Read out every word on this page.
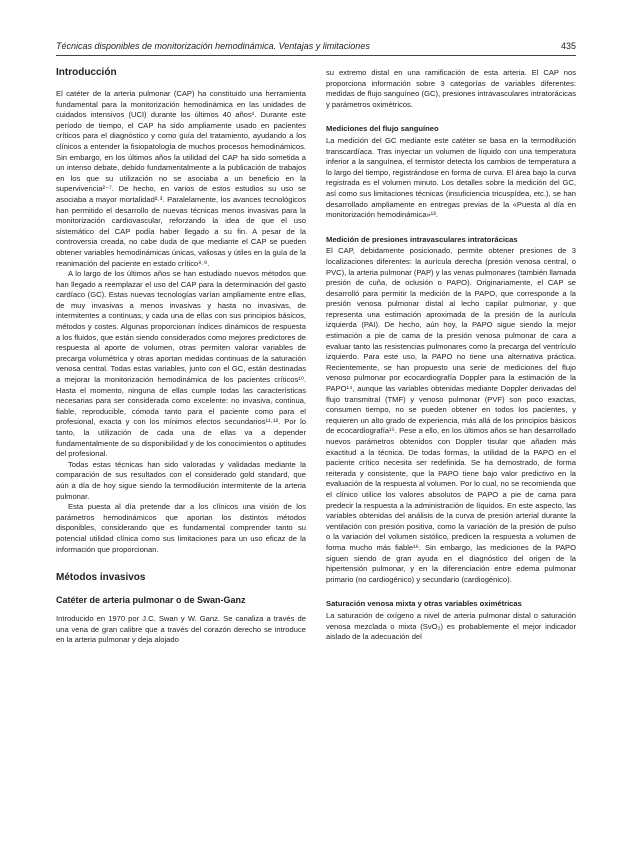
Técnicas disponibles de monitorización hemodinámica. Ventajas y limitaciones	435
Introducción

El catéter de la arteria pulmonar (CAP) ha constituido una herramienta fundamental para la monitorización hemodinámica en las unidades de cuidados intensivos (UCI) durante los últimos 40 años¹. Durante este período de tiempo, el CAP ha sido ampliamente usado en pacientes críticos para el diagnóstico y como guía del tratamiento, ayudando a los clínicos a entender la fisiopatología de muchos procesos hemodinámicos. Sin embargo, en los últimos años la utilidad del CAP ha sido sometida a un intenso debate, debido fundamentalmente a la publicación de trabajos en los que su utilización no se asociaba a un beneficio en la supervivencia²⁻⁷. De hecho, en varios de estos estudios su uso se asociaba a mayor mortalidad²·³. Paralelamente, los avances tecnológicos han permitido el desarrollo de nuevas técnicas menos invasivas para la monitorización cardiovascular, reforzando la idea de que el uso sistemático del CAP podía haber llegado a su fin. A pesar de la controversia creada, no cabe duda de que mediante el CAP se pueden obtener variables hemodinámicas únicas, valiosas y útiles en la guía de la reanimación del paciente en estado crítico⁸·⁹.

A lo largo de los últimos años se han estudiado nuevos métodos que han llegado a reemplazar el uso del CAP para la determinación del gasto cardíaco (GC). Estas nuevas tecnologías varían ampliamente entre ellas, de muy invasivas a menos invasivas y hasta no invasivas, de intermitentes a continuas, y cada una de ellas con sus principios básicos, métodos y costes. Algunas proporcionan índices dinámicos de respuesta a los fluidos, que están siendo considerados como mejores predictores de respuesta al aporte de volumen, otras permiten valorar variables de precarga volumétrica y otras aportan medidas continuas de la saturación venosa central. Todas estas variables, junto con el GC, están destinadas a mejorar la monitorización hemodinámica de los pacientes críticos¹⁰. Hasta el momento, ninguna de ellas cumple todas las características necesarias para ser considerada como excelente: no invasiva, continua, fiable, reproducible, cómoda tanto para el paciente como para el profesional, exacta y con los mínimos efectos secundarios¹¹·¹². Por lo tanto, la utilización de cada una de ellas va a depender fundamentalmente de su disponibilidad y de los conocimientos o aptitudes del profesional.

Todas estas técnicas han sido valoradas y validadas mediante la comparación de sus resultados con el considerado gold standard, que aún a día de hoy sigue siendo la termodilución intermitente de la arteria pulmonar.

Esta puesta al día pretende dar a los clínicos una visión de los parámetros hemodinámicos que aportan los distintos métodos disponibles, considerando que es fundamental comprender tanto su potencial utilidad clínica como sus limitaciones para un uso eficaz de la información que proporcionan.

Métodos invasivos
Catéter de arteria pulmonar o de Swan-Ganz

Introducido en 1970 por J.C. Swan y W. Ganz. Se canaliza a través de una vena de gran calibre que a través del corazón derecho se introduce en la arteria pulmonar y deja alojado

su extremo distal en una ramificación de esta arteria. El CAP nos proporciona información sobre 3 categorías de variables diferentes: medidas de flujo sanguíneo (GC), presiones intravasculares intratorácicas y parámetros oximétricos.

Mediciones del flujo sanguíneo

La medición del GC mediante este catéter se basa en la termodilución transcardíaca. Tras inyectar un volumen de líquido con una temperatura inferior a la sanguínea, el termistor detecta los cambios de temperatura a lo largo del tiempo, registrándose en forma de curva. El área bajo la curva registrada es el volumen minuto. Los detalles sobre la medición del GC, así como sus limitaciones técnicas (insuficiencia tricuspídea, etc.), se han desarrollado ampliamente en entregas previas de la «Puesta al día en monitorización hemodinámica»¹³.

Medición de presiones intravasculares intratorácicas

El CAP, debidamente posicionado, permite obtener presiones de 3 localizaciones diferentes: la aurícula derecha (presión venosa central, o PVC), la arteria pulmonar (PAP) y las venas pulmonares (también llamada presión de cuña, de oclusión o PAPO). Originariamente, el CAP se desarrolló para permitir la medición de la PAPO, que corresponde a la presión venosa pulmonar distal al lecho capilar pulmonar, y que representa una estimación aproximada de la presión de la aurícula izquierda (PAI). De hecho, aún hoy, la PAPO sigue siendo la mejor estimación a pie de cama de la presión venosa pulmonar de cara a evaluar tanto las resistencias pulmonares como la precarga del ventrículo izquierdo. Para este uso, la PAPO no tiene una alternativa práctica. Recientemente, se han propuesto una serie de mediciones del flujo venoso pulmonar por ecocardiografía Doppler para la estimación de la PAPO¹⁴, aunque las variables obtenidas mediante Doppler derivadas del flujo transmitral (TMF) y venoso pulmonar (PVF) son poco exactas, consumen tiempo, no se pueden obtener en todos los pacientes, y requieren un alto grado de experiencia, más allá de los principios básicos de ecocardiografía¹⁵. Pese a ello, en los últimos años se han desarrollado nuevos parámetros obtenidos con Doppler tisular que añaden más exactitud a la técnica. De todas formas, la utilidad de la PAPO en el paciente crítico necesita ser redefinida. Se ha demostrado, de forma reiterada y consistente, que la PAPO tiene bajo valor predictivo en la evaluación de la respuesta al volumen. Por lo cual, no se recomienda que el clínico utilice los valores absolutos de PAPO a pie de cama para predecir la respuesta a la administración de líquidos. En este aspecto, las variables obtenidas del análisis de la curva de presión arterial durante la ventilación con presión positiva, como la variación de la presión de pulso o la variación del volumen sistólico, predicen la respuesta a volumen de forma mucho más fiable¹⁶. Sin embargo, las mediciones de la PAPO siguen siendo de gran ayuda en el diagnóstico del origen de la hipertensión pulmonar, y en la diferenciación entre edema pulmonar primario (no cardiogénico) y secundario (cardiogénico).

Saturación venosa mixta y otras variables oximétricas

La saturación de oxígeno a nivel de arteria pulmonar distal o saturación venosa mezclada o mixta (SvO₂) es probablemente el mejor indicador aislado de la adecuación del
